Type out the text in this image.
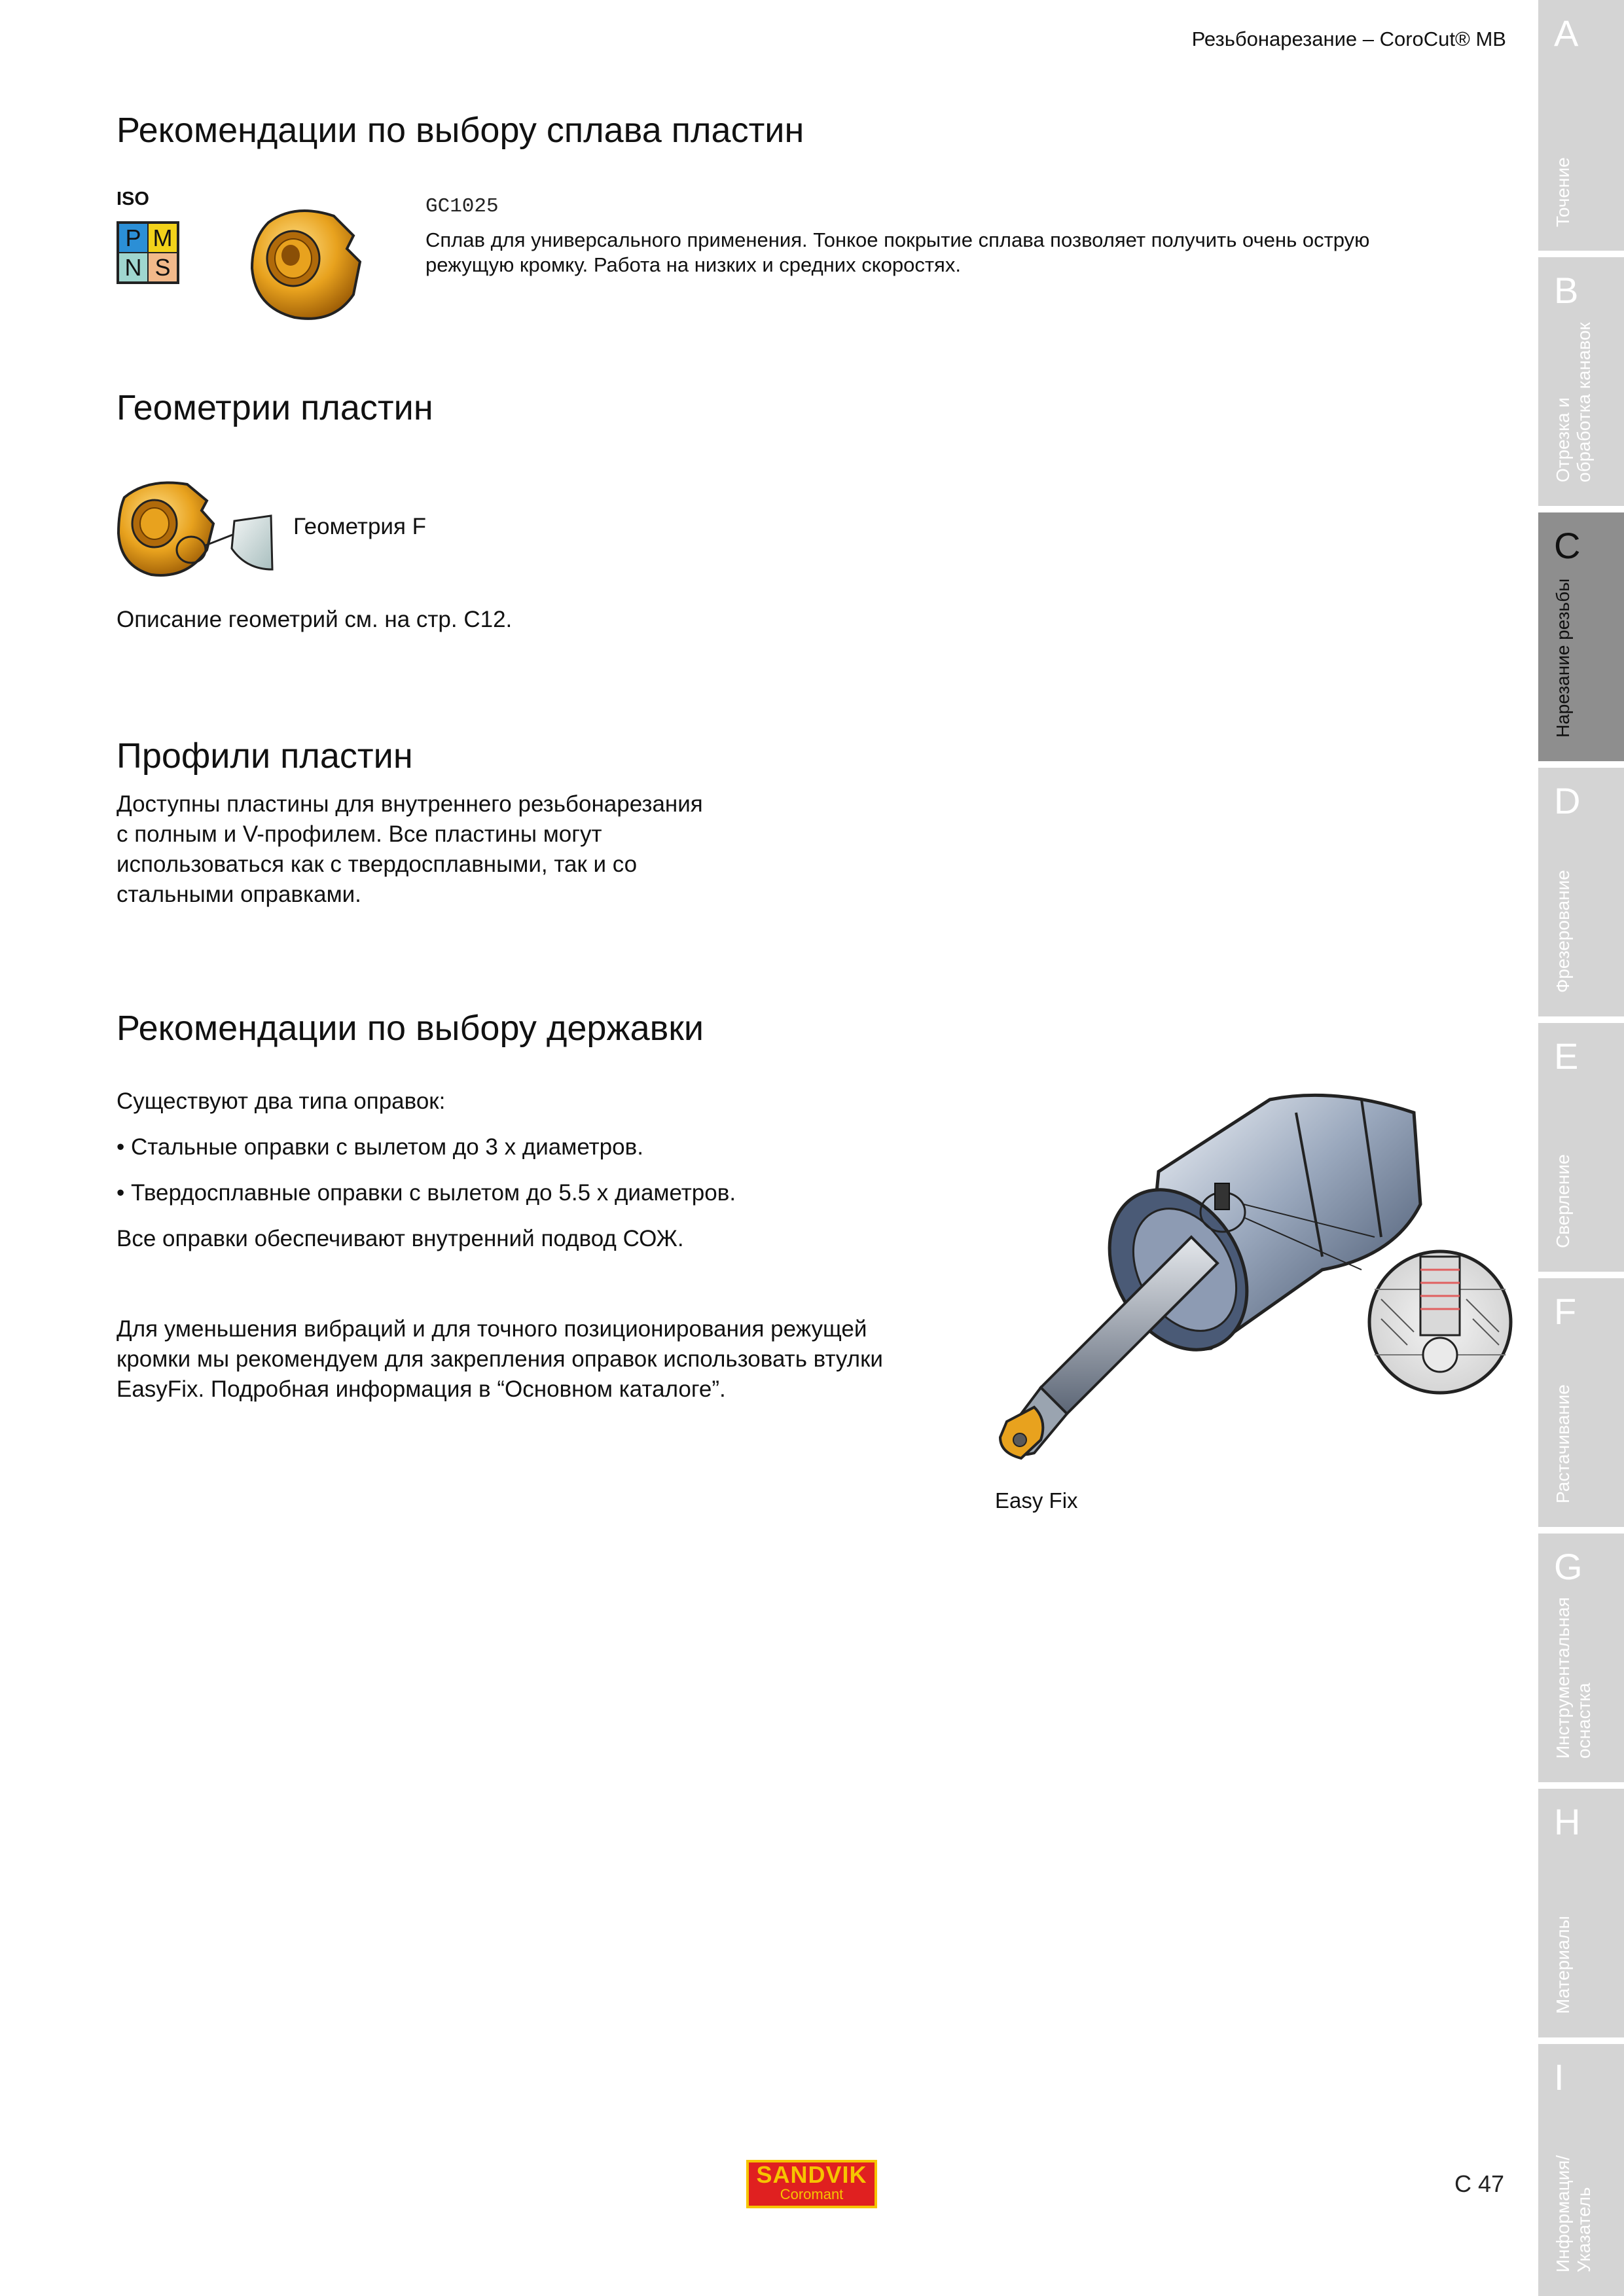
Резьбонарезание – CoroCut® MB
Рекомендации по выбору сплава пластин
ISO
P M
N S
GC1025
Сплав для универсального применения. Тонкое покрытие сплава позволяет получить очень острую
режущую кромку. Работа на низких и средних скоростях.
Геометрии пластин
Геометрия F
Описание геометрий см. на стр. C12.
Профили пластин
Доступны пластины для внутреннего резьбонарезания
с полным и V-профилем. Все пластины могут
использоваться как с твердосплавными, так и со
стальными оправками.
Рекомендации по выбору державки
Существуют два типа оправок:
• Стальные оправки с вылетом до 3 x диаметров.
• Твердосплавные оправки с вылетом до 5.5 x диаметров.
Все оправки обеспечивают внутренний подвод СОЖ.
Для уменьшения вибраций и для точного позиционирования режущей
кромки мы рекомендуем для закрепления оправок использовать втулки
EasyFix. Подробная информация в “Основном каталоге”.
Easy Fix
A
Точение
B
Отрезка и обработка канавок
C
Нарезание резьбы
D
Фрезерование
E
Сверление
F
Растачивание
G
Инструментальная оснастка
H
Материалы
I
Информация/ Указатель
SANDVIK
Coromant	C 47
